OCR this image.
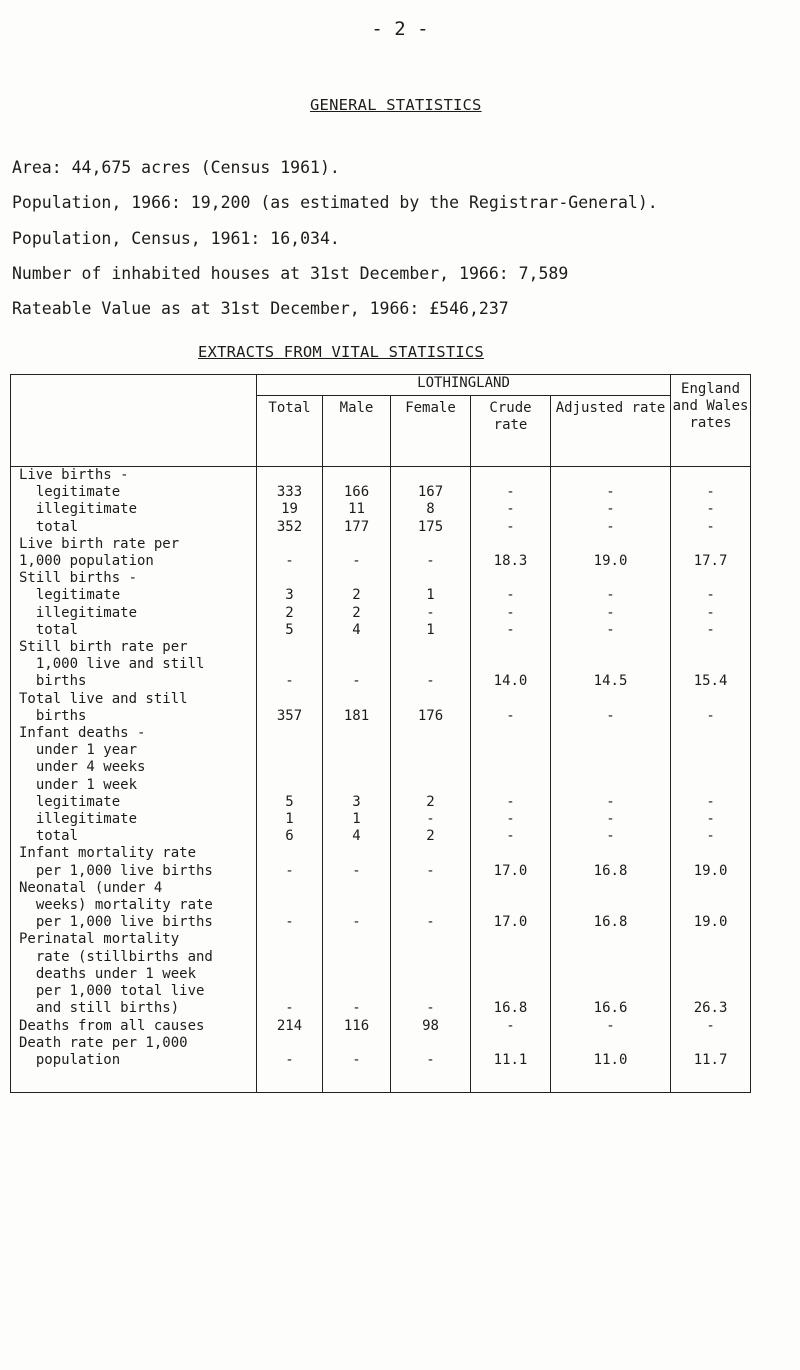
- 2 -
GENERAL STATISTICS
Area: 44,675 acres (Census 1961).
Population, 1966: 19,200 (as estimated by the Registrar-General).
Population, Census, 1961: 16,034.
Number of inhabited houses at 31st December, 1966: 7,589
Rateable Value as at 31st December, 1966: £546,237
EXTRACTS FROM VITAL STATISTICS
	LOTHINGLAND					England and Wales rates
	Total	Male	Female	Crude rate	Adjusted rate	
Live births -						
legitimate	333	166	167	-	-	-
illegitimate	19	11	8	-	-	-
total	352	177	175	-	-	-
Live birth rate per						
1,000 population	-	-	-	18.3	19.0	17.7

Still births -						
legitimate	3	2	1	-	-	-
illegitimate	2	2	-	-	-	-
total	5	4	1	-	-	-
Still birth rate per						
1,000 live and still						
births	-	-	-	14.0	14.5	15.4

Total live and still						
births	357	181	176	-	-	-

Infant deaths -						
under 1 year						
under 4 weeks						
under 1 week						
legitimate	5	3	2	-	-	-
illegitimate	1	1	-	-	-	-
total	6	4	2	-	-	-
Infant mortality rate						
per 1,000 live births	-	-	-	17.0	16.8	19.0
Neonatal (under 4						
weeks) mortality rate						
per 1,000 live births	-	-	-	17.0	16.8	19.0
Perinatal mortality						
rate (stillbirths and						
deaths under 1 week						
per 1,000 total live						
and still births)	-	-	-	16.8	16.6	26.3

Deaths from all causes	214	116	98	-	-	-
Death rate per 1,000						
population	-	-	-	11.1	11.0	11.7
